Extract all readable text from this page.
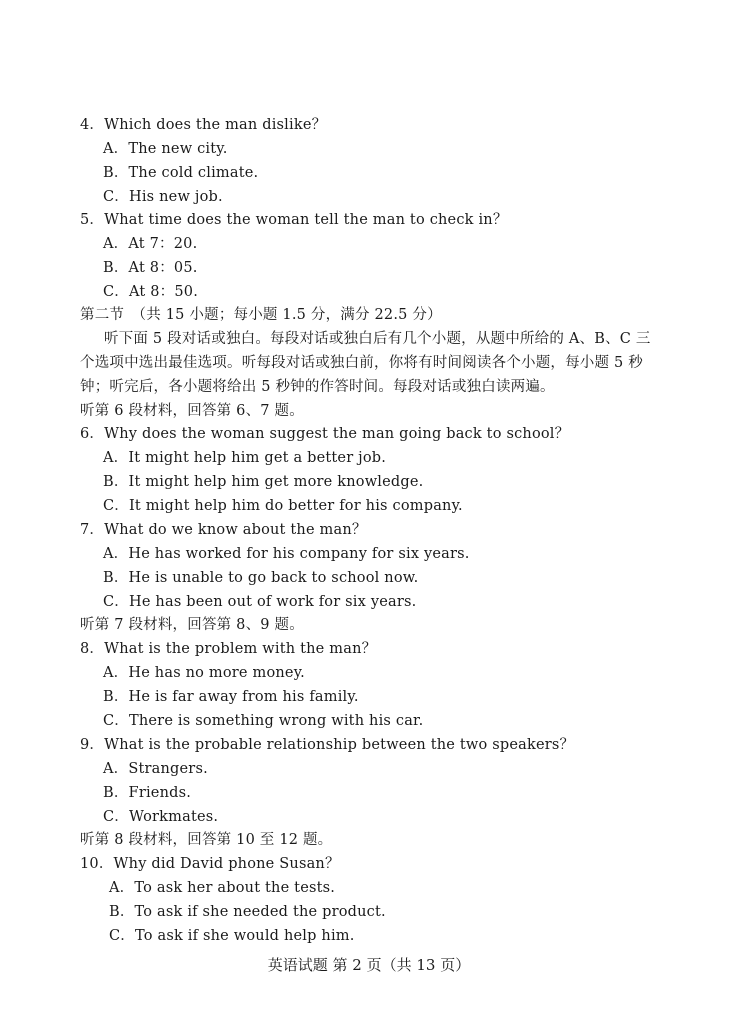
4．Which does the man dislike？
A．The new city.
B．The cold climate.
C．His new job.
5．What time does the woman tell the man to check in？
A．At 7：20.
B．At 8：05.
C．At 8：50.
第二节　（共 15 小题；每小题 1.5 分，满分 22.5 分）
听下面 5 段对话或独白。每段对话或独白后有几个小题，从题中所给的 A、B、C 三
个选项中选出最佳选项。听每段对话或独白前，你将有时间阅读各个小题，每小题 5 秒
钟；听完后，各小题将给出 5 秒钟的作答时间。每段对话或独白读两遍。
听第 6 段材料，回答第 6、7 题。
6．Why does the woman suggest the man going back to school？
A．It might help him get a better job.
B．It might help him get more knowledge.
C．It might help him do better for his company.
7．What do we know about the man？
A．He has worked for his company for six years.
B．He is unable to go back to school now.
C．He has been out of work for six years.
听第 7 段材料，回答第 8、9 题。
8．What is the problem with the man？
A．He has no more money.
B．He is far away from his family.
C．There is something wrong with his car.
9．What is the probable relationship between the two speakers？
A．Strangers.
B．Friends.
C．Workmates.
听第 8 段材料，回答第 10 至 12 题。
10．Why did David phone Susan？
A．To ask her about the tests.
B．To ask if she needed the product.
C．To ask if she would help him.
英语试题 第 2 页（共 13 页）
